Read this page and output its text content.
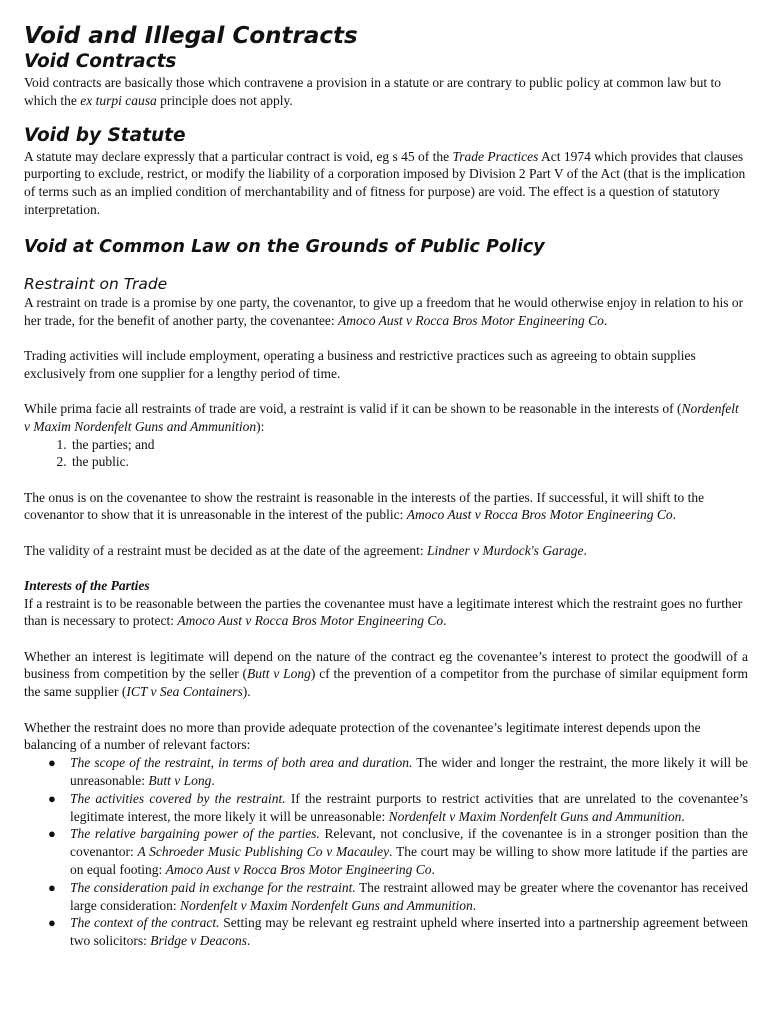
Void and Illegal Contracts
Void Contracts

Void contracts are basically those which contravene a provision in a statute or are contrary to public policy at common law but to which the ex turpi causa principle does not apply.

Void by Statute

A statute may declare expressly that a particular contract is void, eg s 45 of the Trade Practices Act 1974 which provides that clauses purporting to exclude, restrict, or modify the liability of a corporation imposed by Division 2 Part V of the Act (that is the implication of terms such as an implied condition of merchantability and of fitness for purpose) are void. The effect is a question of statutory interpretation.

Void at Common Law on the Grounds of Public Policy
Restraint on Trade

A restraint on trade is a promise by one party, the covenantor, to give up a freedom that he would otherwise enjoy in relation to his or her trade, for the benefit of another party, the covenantee: Amoco Aust v Rocca Bros Motor Engineering Co.

Trading activities will include employment, operating a business and restrictive practices such as agreeing to obtain supplies exclusively from one supplier for a lengthy period of time.

While prima facie all restraints of trade are void, a restraint is valid if it can be shown to be reasonable in the interests of (Nordenfelt v Maxim Nordenfelt Guns and Ammunition):

1. the parties; and
2. the public.

The onus is on the covenantee to show the restraint is reasonable in the interests of the parties. If successful, it will shift to the covenantor to show that it is unreasonable in the interest of the public: Amoco Aust v Rocca Bros Motor Engineering Co.

The validity of a restraint must be decided as at the date of the agreement: Lindner v Murdock's Garage.

Interests of the Parties

If a restraint is to be reasonable between the parties the covenantee must have a legitimate interest which the restraint goes no further than is necessary to protect: Amoco Aust v Rocca Bros Motor Engineering Co.

Whether an interest is legitimate will depend on the nature of the contract eg the covenantee’s interest to protect the goodwill of a business from competition by the seller (Butt v Long) cf the prevention of a competitor from the purchase of similar equipment form the same supplier (ICT v Sea Containers).

Whether the restraint does no more than provide adequate protection of the covenantee’s legitimate interest depends upon the balancing of a number of relevant factors:

● The scope of the restraint, in terms of both area and duration. The wider and longer the restraint, the more likely it will be unreasonable: Butt v Long.
● The activities covered by the restraint. If the restraint purports to restrict activities that are unrelated to the covenantee’s legitimate interest, the more likely it will be unreasonable: Nordenfelt v Maxim Nordenfelt Guns and Ammunition.
● The relative bargaining power of the parties. Relevant, not conclusive, if the covenantee is in a stronger position than the covenantor: A Schroeder Music Publishing Co v Macauley. The court may be willing to show more latitude if the parties are on equal footing: Amoco Aust v Rocca Bros Motor Engineering Co.
● The consideration paid in exchange for the restraint. The restraint allowed may be greater where the covenantor has received large consideration: Nordenfelt v Maxim Nordenfelt Guns and Ammunition.
● The context of the contract. Setting may be relevant eg restraint upheld where inserted into a partnership agreement between two solicitors: Bridge v Deacons.
